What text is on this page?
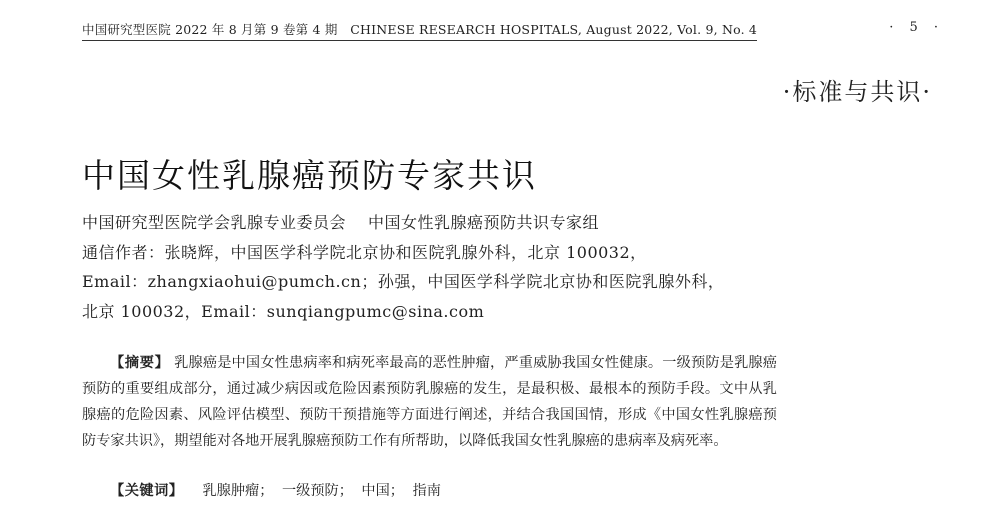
中国研究型医院 2022 年 8 月第 9 卷第 4 期　CHINESE RESEARCH HOSPITALS, August 2022, Vol. 9, No. 4	· 5 ·
·标准与共识·
中国女性乳腺癌预防专家共识
中国研究型医院学会乳腺专业委员会 中国女性乳腺癌预防共识专家组
通信作者：张晓辉，中国医学科学院北京协和医院乳腺外科，北京 100032，
Email：zhangxiaohui@pumch.cn；孙强，中国医学科学院北京协和医院乳腺外科，
北京 100032，Email：sunqiangpumc@sina.com
【摘要】 乳腺癌是中国女性患病率和病死率最高的恶性肿瘤，严重威胁我国女性健康。一级预防是乳腺癌预防的重要组成部分，通过减少病因或危险因素预防乳腺癌的发生，是最积极、最根本的预防手段。文中从乳腺癌的危险因素、风险评估模型、预防干预措施等方面进行阐述，并结合我国国情，形成《中国女性乳腺癌预防专家共识》，期望能对各地开展乳腺癌预防工作有所帮助，以降低我国女性乳腺癌的患病率及病死率。
【关键词】 乳腺肿瘤； 一级预防； 中国； 指南
